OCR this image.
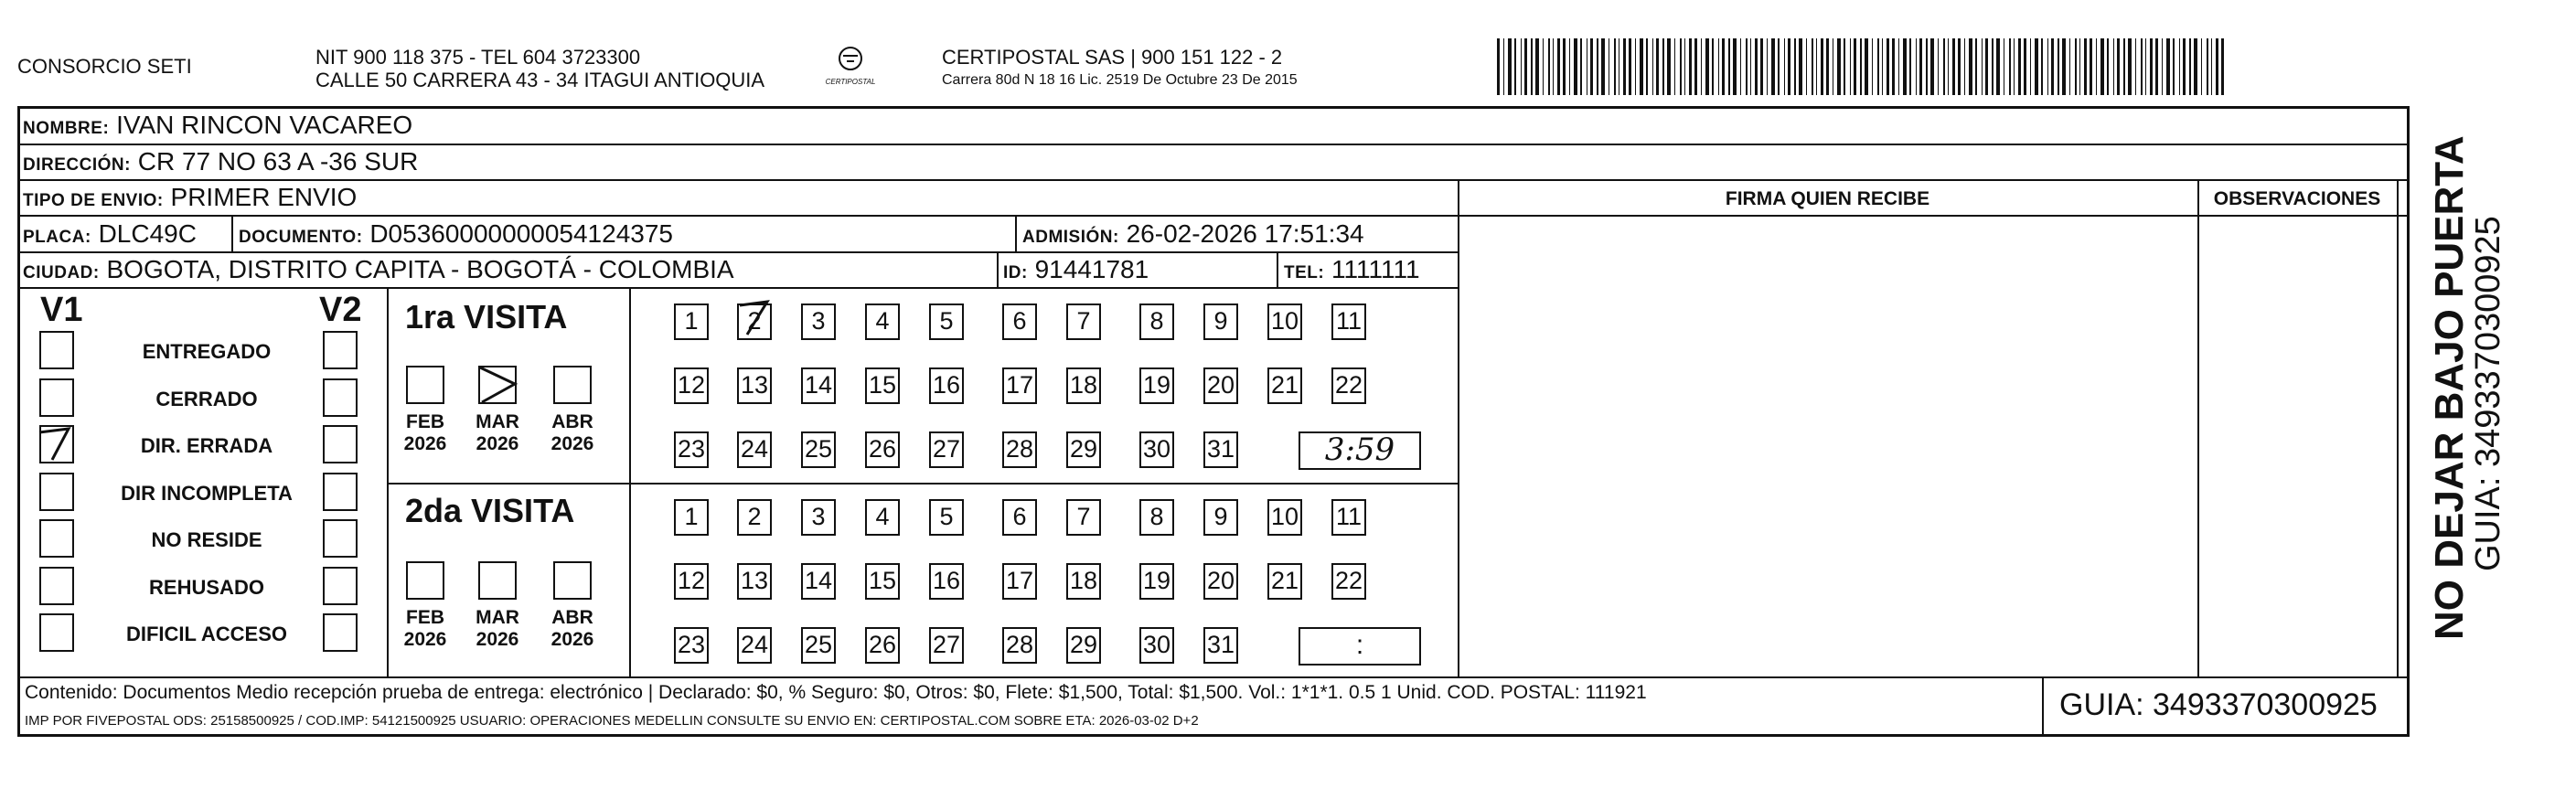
CONSORCIO SETI	NIT 900 118 375 - TEL 604 3723300
CALLE 50 CARRERA 43 - 34 ITAGUI ANTIOQUIA	CERTIPOSTAL
CERTIPOSTAL SAS | 900 151 122 - 2
Carrera 80d N 18 16 Lic. 2519 De Octubre 23 De 2015
NOMBRE: IVAN RINCON VACAREO
DIRECCIÓN: CR 77 NO 63 A -36 SUR
TIPO DE ENVIO: PRIMER ENVIO	FIRMA QUIEN RECIBE	OBSERVACIONES
PLACA: DLC49C DOCUMENTO: D05360000000054124375	ADMISIÓN: 26-02-2026 17:51:34
CIUDAD: BOGOTA, DISTRITO CAPITA - BOGOTÁ - COLOMBIA	ID: 91441781	TEL: 1111111
V1	V2
ENTREGADO
CERRADO
DIR. ERRADA
DIR INCOMPLETA
NO RESIDE
REHUSADO
DIFICIL ACCESO
1ra VISITA
2da VISITA
FEB
2026
MAR
2026
ABR
2026
1	2	3	4	5	6	7	8	9	10 11
12 13 14 15 16 17 18 19 20 21 22
23 24 25 26 27 28 29 30 31	3:59
FEB
2026
MAR
2026
ABR
2026
1	2	3	4	5	6	7	8	9	10 11
12 13 14 15 16 17 18 19 20 21 22
23 24 25 26 27 28 29 30 31	:
Contenido: Documentos Medio recepción prueba de entrega: electrónico | Declarado: $0, % Seguro: $0, Otros: $0, Flete: $1,500, Total: $1,500. Vol.: 1*1*1. 0.5 1 Unid. COD. POSTAL: 111921
IMP POR FIVEPOSTAL ODS: 25158500925 / COD.IMP: 54121500925 USUARIO: OPERACIONES MEDELLIN CONSULTE SU ENVIO EN: CERTIPOSTAL.COM SOBRE ETA: 2026-03-02 D+2	GUIA: 3493370300925
NO DEJAR BAJO PUERTA
GUIA: 3493370300925
